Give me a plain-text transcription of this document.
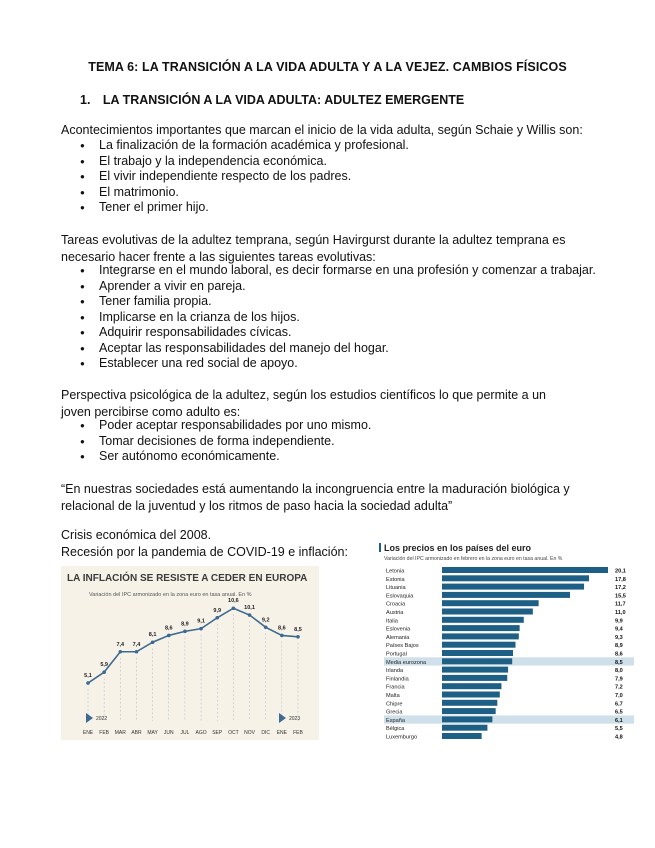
TEMA 6: LA TRANSICIÓN A LA VIDA ADULTA Y A LA VEJEZ. CAMBIOS FÍSICOS
1. LA TRANSICIÓN A LA VIDA ADULTA: ADULTEZ EMERGENTE
Acontecimientos importantes que marcan el inicio de la vida adulta, según Schaie y Willis son:
● La finalización de la formación académica y profesional.
● El trabajo y la independencia económica.
● El vivir independiente respecto de los padres.
● El matrimonio.
● Tener el primer hijo.
Tareas evolutivas de la adultez temprana, según Havirgurst durante la adultez temprana es necesario hacer frente a las siguientes tareas evolutivas:
● Integrarse en el mundo laboral, es decir formarse en una profesión y comenzar a trabajar.
● Aprender a vivir en pareja.
● Tener familia propia.
● Implicarse en la crianza de los hijos.
● Adquirir responsabilidades cívicas.
● Aceptar las responsabilidades del manejo del hogar.
● Establecer una red social de apoyo.
Perspectiva psicológica de la adultez, según los estudios científicos lo que permite a un joven percibirse como adulto es:
● Poder aceptar responsabilidades por uno mismo.
● Tomar decisiones de forma independiente.
● Ser autónomo económicamente.
“En nuestras sociedades está aumentando la incongruencia entre la maduración biológica y relacional de la juventud y los ritmos de paso hacia la sociedad adulta”
Crisis económica del 2008.
Recesión por la pandemia de COVID-19 e inflación:
LA INFLACIÓN SE RESISTE A CEDER EN EUROPA
Variación del IPC armonizado en la zona euro en tasa anual. En %
5,1
ENE
5,9
FEB
7,4
MAR
7,4
ABR
8,1
MAY
8,6
JUN
8,9
JUL
9,1
AGO
9,9
SEP
10,6
OCT
10,1
NOV
9,2
DIC
8,6
ENE
8,5
FEB
2022	2023
Los precios en los países del euro
Variación del IPC armonizado en febrero en la zona euro en tasa anual. En %
Letonia	20,1
Estonia	17,8
Lituania	17,2
Eslovaquia	15,5
Croacia	11,7
Austria	11,0
Italia	9,9
Eslovenia	9,4
Alemania	9,3
Países Bajos	8,9
Portugal	8,6
Media eurozona	8,5
Irlanda	8,0
Finlandia	7,9
Francia	7,2
Malta	7,0
Chipre	6,7
Grecia	6,5
España	6,1
Bélgica	5,5
Luxemburgo	4,8
